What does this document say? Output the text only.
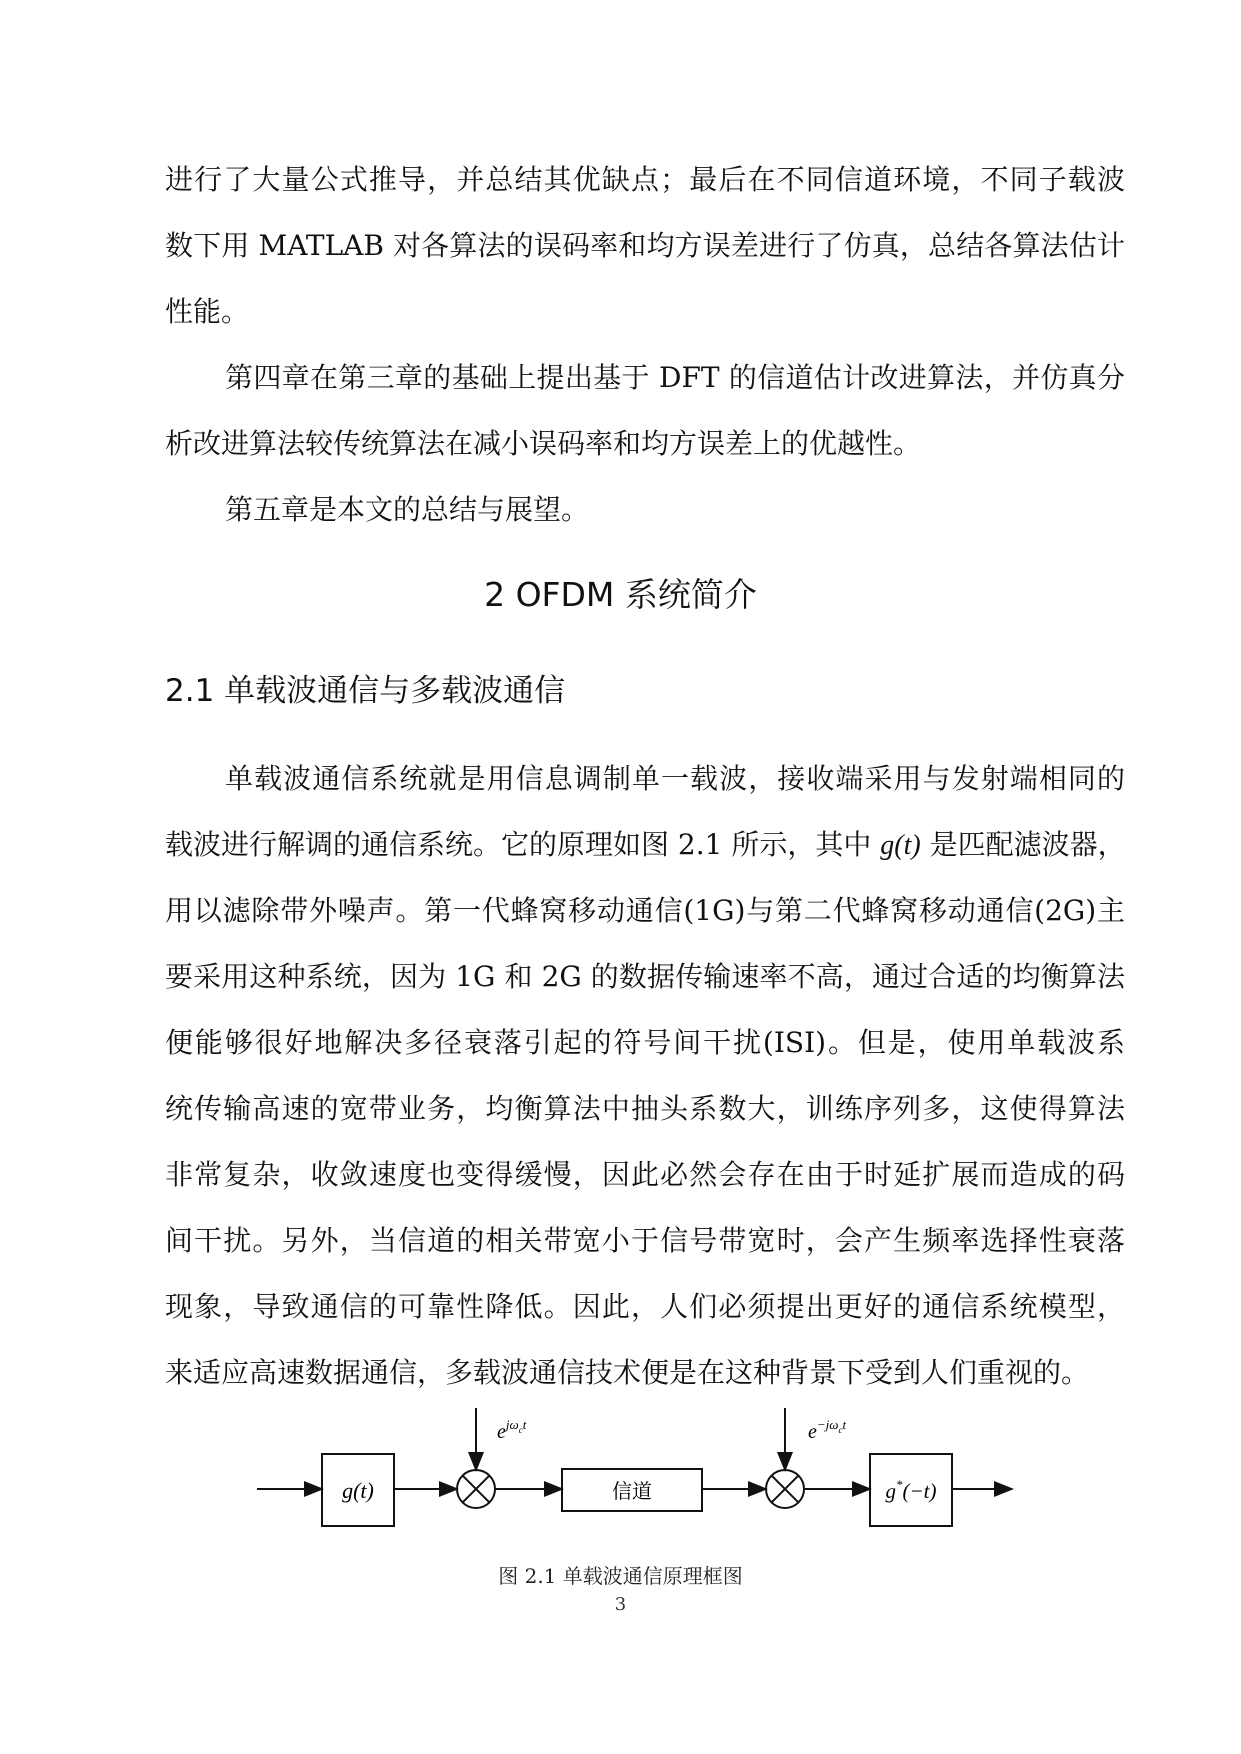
进行了大量公式推导，并总结其优缺点；最后在不同信道环境，不同子载波
数下用 MATLAB 对各算法的误码率和均方误差进行了仿真，总结各算法估计
性能。
第四章在第三章的基础上提出基于 DFT 的信道估计改进算法，并仿真分
析改进算法较传统算法在减小误码率和均方误差上的优越性。
第五章是本文的总结与展望。
2 OFDM 系统简介
2.1 单载波通信与多载波通信
单载波通信系统就是用信息调制单一载波，接收端采用与发射端相同的
载波进行解调的通信系统。它的原理如图 2.1 所示，其中 g(t) 是匹配滤波器，
用以滤除带外噪声。第一代蜂窝移动通信(1G)与第二代蜂窝移动通信(2G)主
要采用这种系统，因为 1G 和 2G 的数据传输速率不高，通过合适的均衡算法
便能够很好地解决多径衰落引起的符号间干扰(ISI)。但是，使用单载波系
统传输高速的宽带业务，均衡算法中抽头系数大，训练序列多，这使得算法
非常复杂，收敛速度也变得缓慢，因此必然会存在由于时延扩展而造成的码
间干扰。另外，当信道的相关带宽小于信号带宽时，会产生频率选择性衰落
现象，导致通信的可靠性降低。因此，人们必须提出更好的通信系统模型，
来适应高速数据通信，多载波通信技术便是在这种背景下受到人们重视的。
g(t)
$e^{j\omega}_c^t$
信道
$e^{-j\omega}_c^t$
g*(−t)
图 2.1 单载波通信原理框图
3
